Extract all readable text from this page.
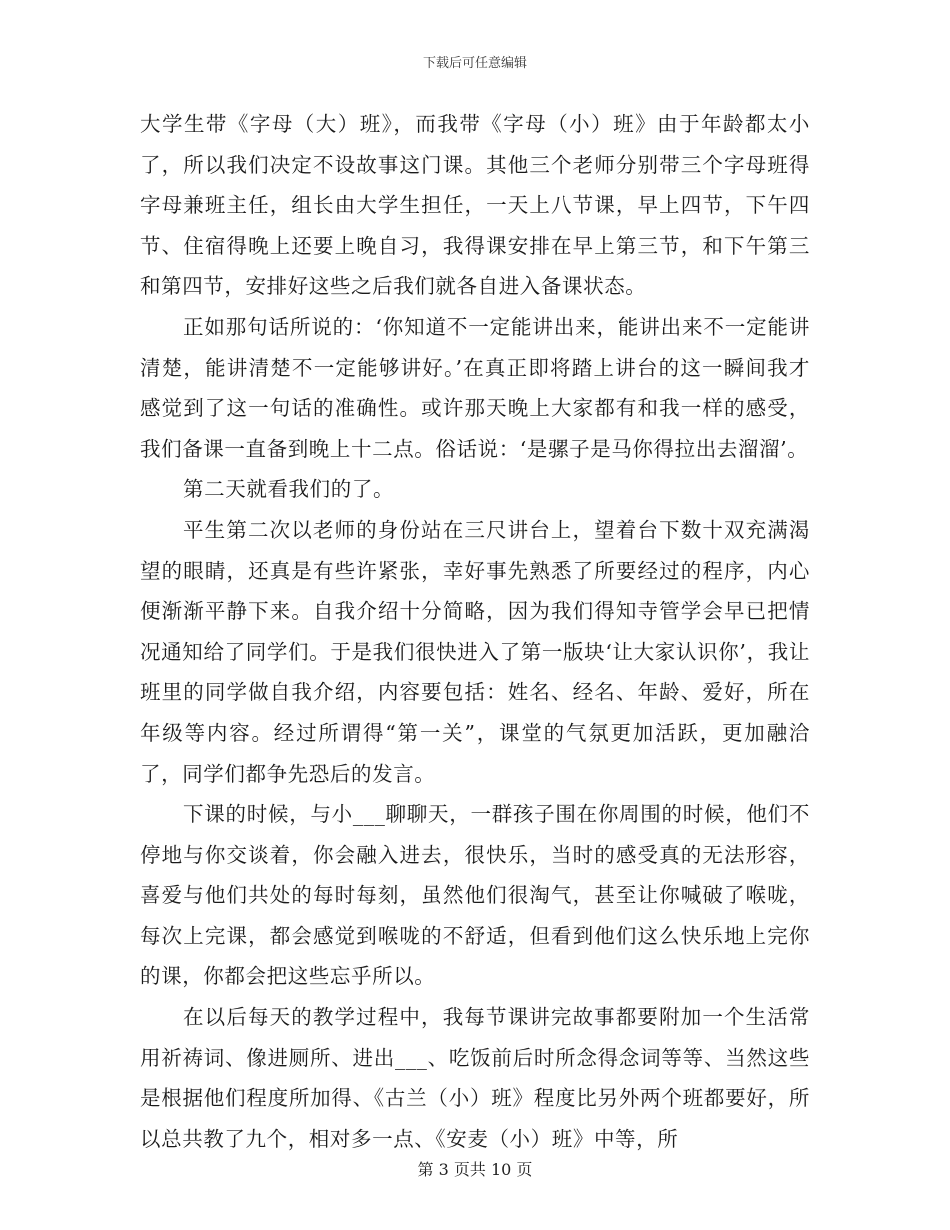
下载后可任意编辑

大学生带《字母（大）班》，而我带《字母（小）班》由于年龄都太小了，所以我们决定不设故事这门课。其他三个老师分别带三个字母班得字母兼班主任，组长由大学生担任，一天上八节课，早上四节，下午四节、住宿得晚上还要上晚自习，我得课安排在早上第三节，和下午第三和第四节，安排好这些之后我们就各自进入备课状态。

正如那句话所说的：‘你知道不一定能讲出来，能讲出来不一定能讲清楚，能讲清楚不一定能够讲好。’在真正即将踏上讲台的这一瞬间我才感觉到了这一句话的准确性。或许那天晚上大家都有和我一样的感受，我们备课一直备到晚上十二点。俗话说：‘是骡子是马你得拉出去溜溜’。

第二天就看我们的了。

平生第二次以老师的身份站在三尺讲台上，望着台下数十双充满渴望的眼睛，还真是有些许紧张，幸好事先熟悉了所要经过的程序，内心便渐渐平静下来。自我介绍十分简略，因为我们得知寺管学会早已把情况通知给了同学们。于是我们很快进入了第一版块‘让大家认识你’，我让班里的同学做自我介绍，内容要包括：姓名、经名、年龄、爱好，所在年级等内容。经过所谓得“第一关”，课堂的气氛更加活跃，更加融洽了，同学们都争先恐后的发言。

下课的时候，与小___聊聊天，一群孩子围在你周围的时候，他们不停地与你交谈着，你会融入进去，很快乐，当时的感受真的无法形容，喜爱与他们共处的每时每刻，虽然他们很淘气，甚至让你喊破了喉咙，每次上完课，都会感觉到喉咙的不舒适，但看到他们这么快乐地上完你的课，你都会把这些忘乎所以。

在以后每天的教学过程中，我每节课讲完故事都要附加一个生活常用祈祷词、像进厕所、进出___、吃饭前后时所念得念词等等、当然这些是根据他们程度所加得、《古兰（小）班》程度比另外两个班都要好，所以总共教了九个，相对多一点、《安麦（小）班》中等，所

第 3 页共 10 页
